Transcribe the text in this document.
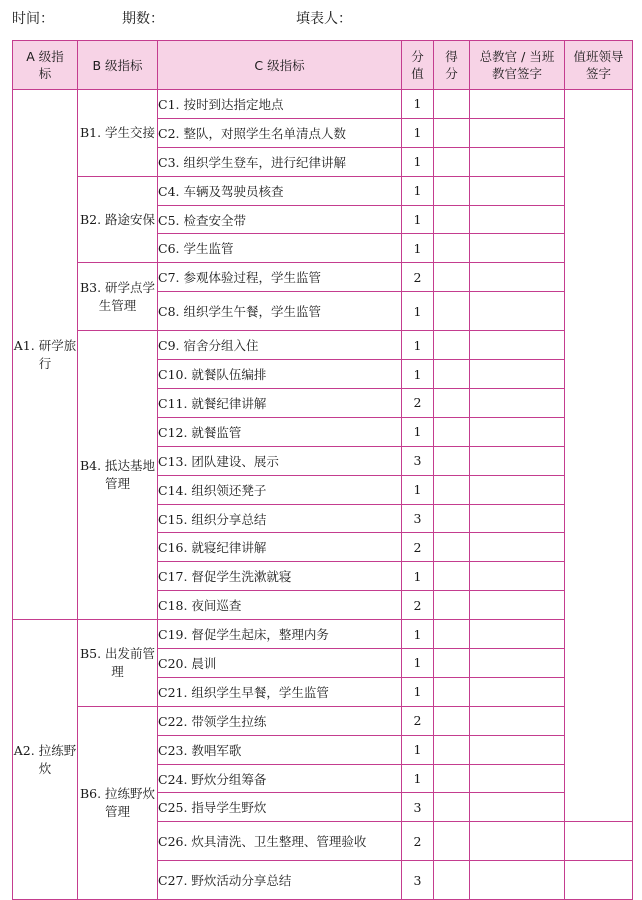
时间：	期数：	填表人：
A 级指标	B 级指标	C 级指标	分值	得分	总教官 / 当班教官签字	值班领导签字
A1. 研学旅行	B1. 学生交接	C1. 按时到达指定地点	1			
		C2. 整队，对照学生名单清点人数	1			
		C3. 组织学生登车，进行纪律讲解	1			
	B2. 路途安保	C4. 车辆及驾驶员核查	1			
		C5. 检查安全带	1			
		C6. 学生监管	1			
	B3. 研学点学生管理	C7. 参观体验过程，学生监管	2			
		C8. 组织学生午餐，学生监管	1			
	B4. 抵达基地管理	C9. 宿舍分组入住	1			
		C10. 就餐队伍编排	1			
		C11. 就餐纪律讲解	2			
		C12. 就餐监管	1			
		C13. 团队建设、展示	3			
		C14. 组织领还凳子	1			
		C15. 组织分享总结	3			
		C16. 就寝纪律讲解	2			
		C17. 督促学生洗漱就寝	1			
		C18. 夜间巡查	2			
A2. 拉练野炊	B5. 出发前管理	C19. 督促学生起床，整理内务	1			
		C20. 晨训	1			
		C21. 组织学生早餐，学生监管	1			
	B6. 拉练野炊管理	C22. 带领学生拉练	2			
		C23. 教唱军歌	1			
		C24. 野炊分组筹备	1			
		C25. 指导学生野炊	3			
		C26. 炊具清洗、卫生整理、管理验收	2			
		C27. 野炊活动分享总结	3			
